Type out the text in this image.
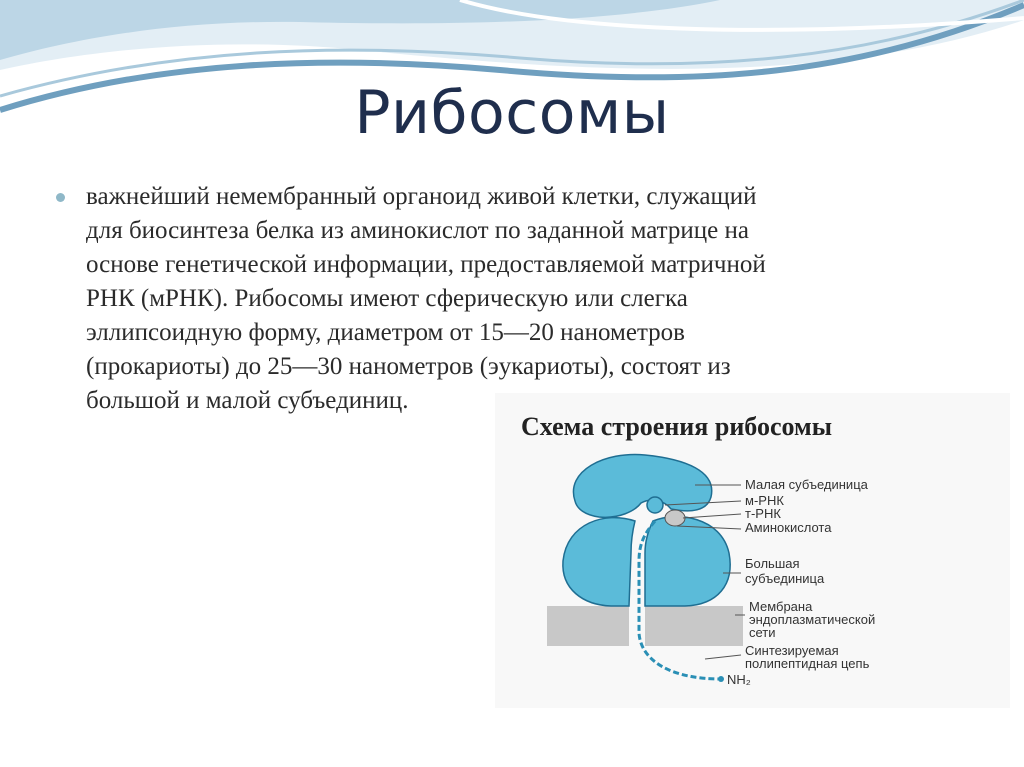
Рибосомы
важнейший немембранный органоид живой клетки, служащий
для биосинтеза белка из аминокислот по заданной матрице на
основе генетической информации, предоставляемой матричной
РНК (мРНК). Рибосомы имеют сферическую или слегка
эллипсоидную форму, диаметром от 15—20 нанометров
(прокариоты) до 25—30 нанометров (эукариоты), состоят из
большой и малой субъединиц.
Схема строения рибосомы
Малая субъединица
м-РНК
т-РНК
Аминокислота
Большая
субъединица
Мембрана
эндоплазматической
сети
Синтезируемая
полипептидная цепь
NH₂
